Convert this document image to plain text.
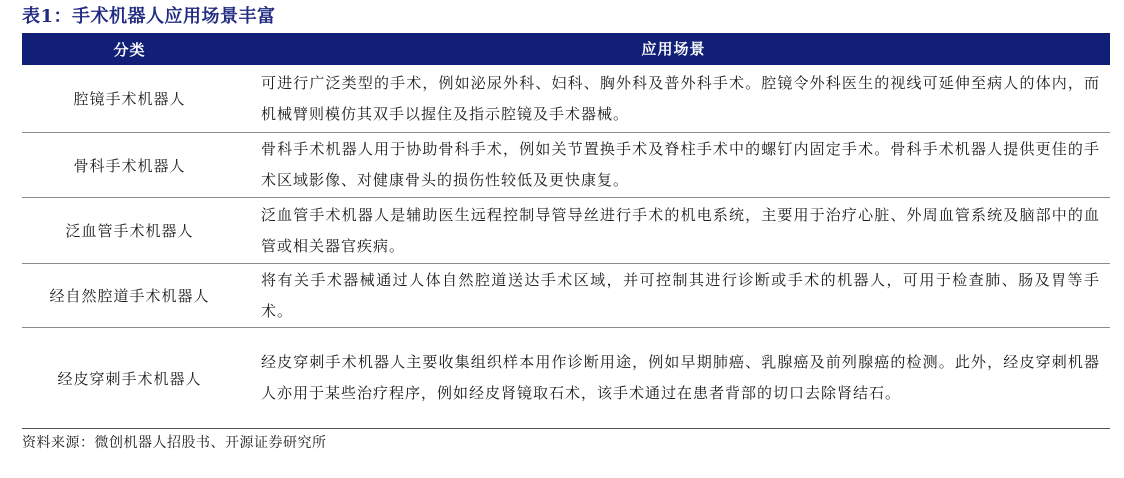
表1：手术机器人应用场景丰富
分类	应用场景
腔镜手术机器人
可进行广泛类型的手术，例如泌尿外科、妇科、胸外科及普外科手术。腔镜令外科医生的视线可延伸至病人的体内，而机械臂则模仿其双手以握住及指示腔镜及手术器械。
骨科手术机器人
骨科手术机器人用于协助骨科手术，例如关节置换手术及脊柱手术中的螺钉内固定手术。骨科手术机器人提供更佳的手术区域影像、对健康骨头的损伤性较低及更快康复。
泛血管手术机器人
泛血管手术机器人是辅助医生远程控制导管导丝进行手术的机电系统，主要用于治疗心脏、外周血管系统及脑部中的血管或相关器官疾病。
经自然腔道手术机器人
将有关手术器械通过人体自然腔道送达手术区域，并可控制其进行诊断或手术的机器人，可用于检查肺、肠及胃等手术。
经皮穿刺手术机器人
经皮穿刺手术机器人主要收集组织样本用作诊断用途，例如早期肺癌、乳腺癌及前列腺癌的检测。此外，经皮穿刺机器人亦用于某些治疗程序，例如经皮肾镜取石术，该手术通过在患者背部的切口去除肾结石。
资料来源：微创机器人招股书、开源证券研究所
